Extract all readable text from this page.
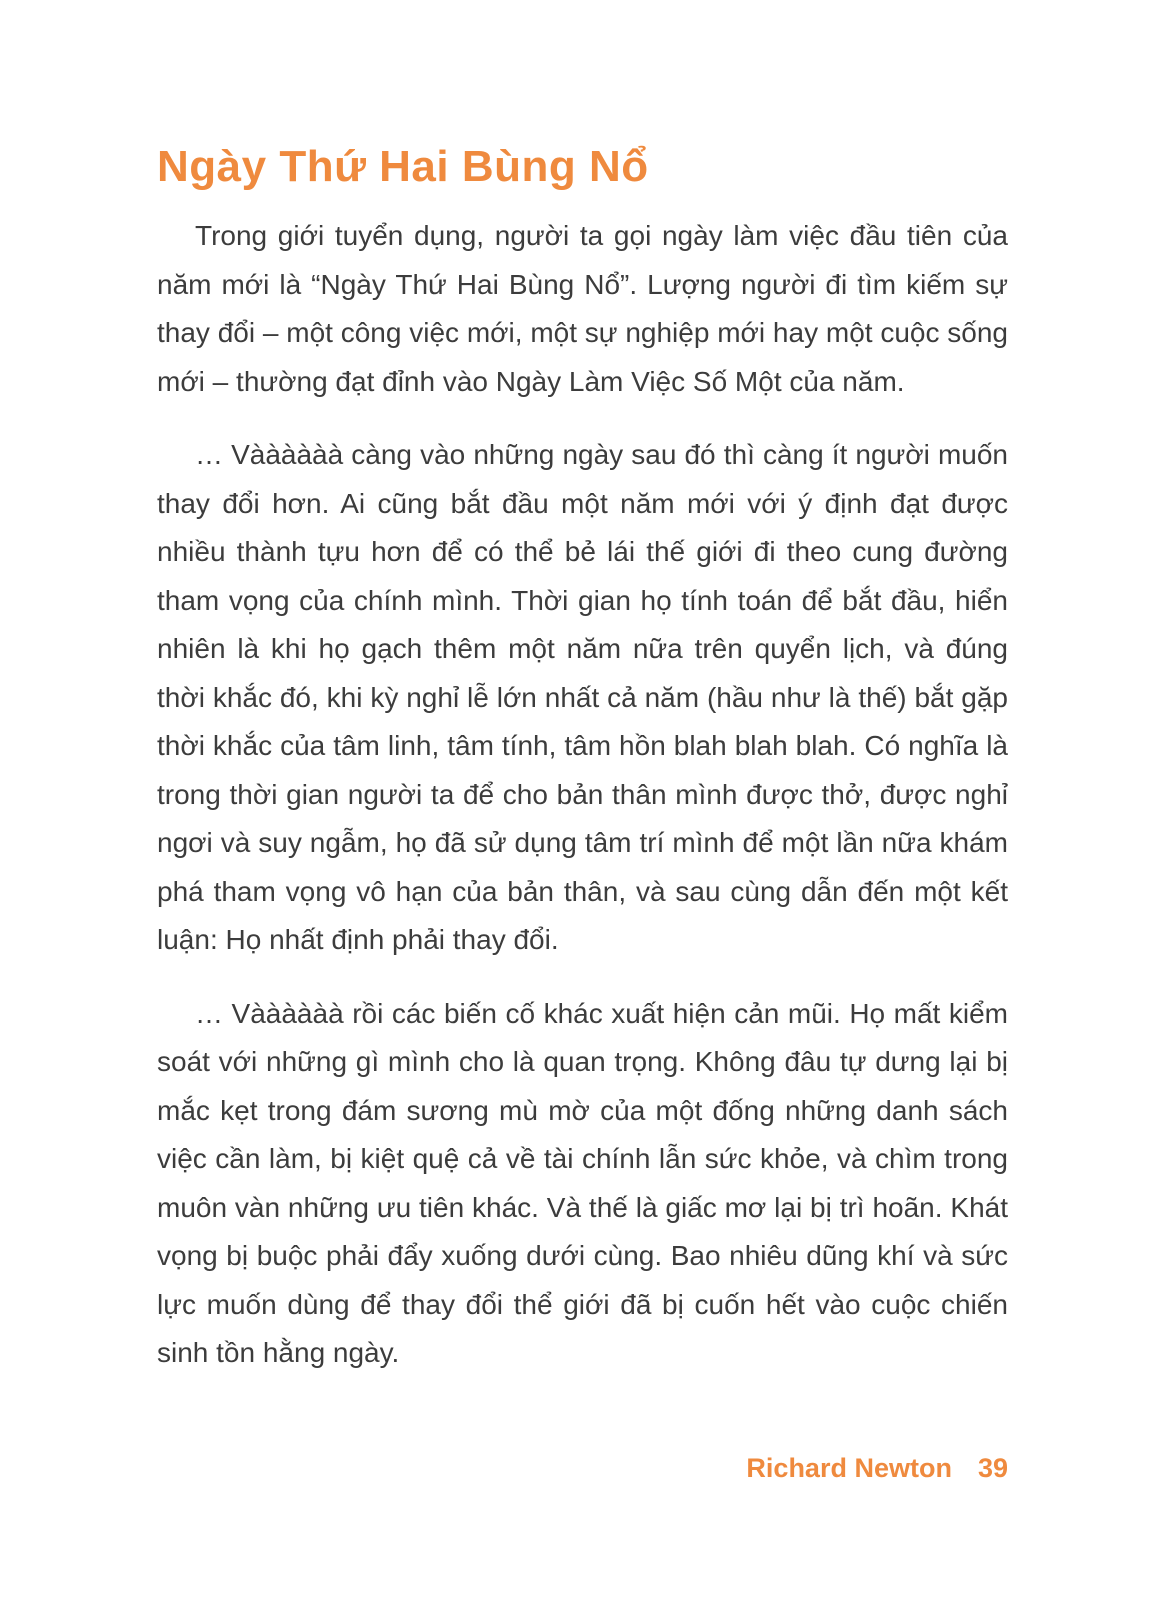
Ngày Thứ Hai Bùng Nổ
Trong giới tuyển dụng, người ta gọi ngày làm việc đầu tiên của
năm mới là “Ngày Thứ Hai Bùng Nổ”. Lượng người đi tìm kiếm sự
thay đổi – một công việc mới, một sự nghiệp mới hay một cuộc sống
mới – thường đạt đỉnh vào Ngày Làm Việc Số Một của năm.
… Vàààààà càng vào những ngày sau đó thì càng ít người muốn
thay đổi hơn. Ai cũng bắt đầu một năm mới với ý định đạt được
nhiều thành tựu hơn để có thể bẻ lái thế giới đi theo cung đường
tham vọng của chính mình. Thời gian họ tính toán để bắt đầu, hiển
nhiên là khi họ gạch thêm một năm nữa trên quyển lịch, và đúng
thời khắc đó, khi kỳ nghỉ lễ lớn nhất cả năm (hầu như là thế) bắt gặp
thời khắc của tâm linh, tâm tính, tâm hồn blah blah blah. Có nghĩa là
trong thời gian người ta để cho bản thân mình được thở, được nghỉ
ngơi và suy ngẫm, họ đã sử dụng tâm trí mình để một lần nữa khám
phá tham vọng vô hạn của bản thân, và sau cùng dẫn đến một kết
luận: Họ nhất định phải thay đổi.
… Vàààààà rồi các biến cố khác xuất hiện cản mũi. Họ mất kiểm
soát với những gì mình cho là quan trọng. Không đâu tự dưng lại bị
mắc kẹt trong đám sương mù mờ của một đống những danh sách
việc cần làm, bị kiệt quệ cả về tài chính lẫn sức khỏe, và chìm trong
muôn vàn những ưu tiên khác. Và thế là giấc mơ lại bị trì hoãn. Khát
vọng bị buộc phải đẩy xuống dưới cùng. Bao nhiêu dũng khí và sức
lực muốn dùng để thay đổi thể giới đã bị cuốn hết vào cuộc chiến
sinh tồn hằng ngày.
Richard Newton 39
